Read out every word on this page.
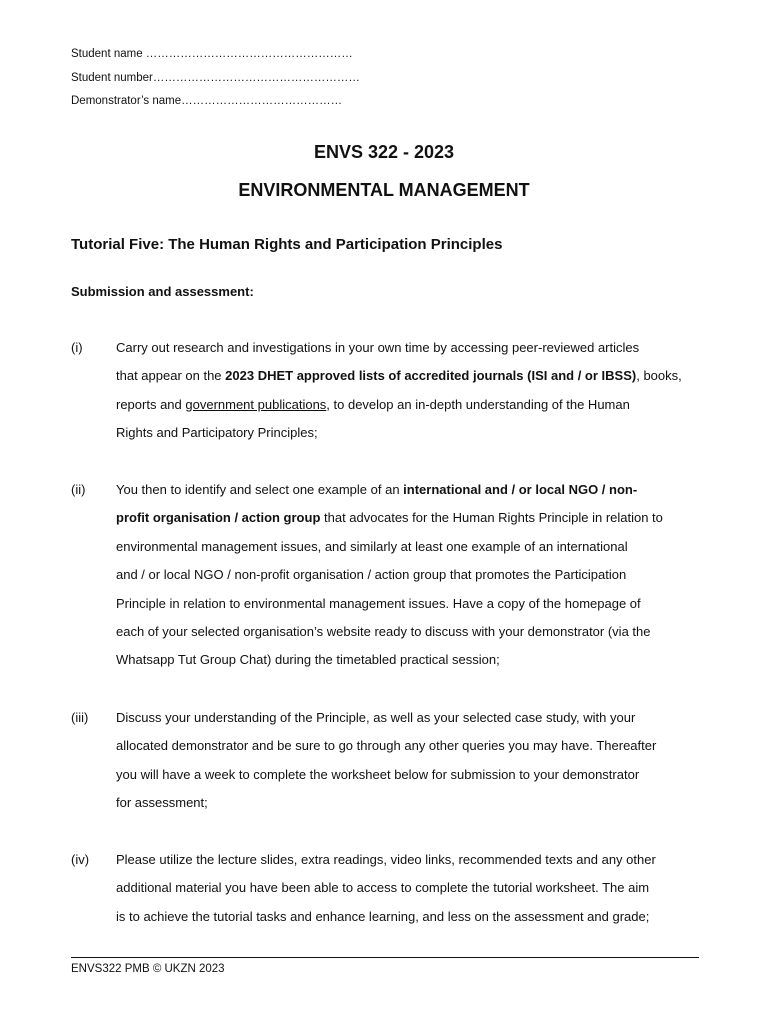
Student name ………………………………………………
Student number………………………………………………
Demonstrator’s name……………………………………
ENVS 322 - 2023
ENVIRONMENTAL MANAGEMENT
Tutorial Five: The Human Rights and Participation Principles
Submission and assessment:
(i)	Carry out research and investigations in your own time by accessing peer-reviewed articles
that appear on the 2023 DHET approved lists of accredited journals (ISI and / or IBSS), books,
reports and government publications, to develop an in-depth understanding of the Human
Rights and Participatory Principles;
(ii) You then to identify and select one example of an international and / or local NGO / non-
profit organisation / action group that advocates for the Human Rights Principle in relation to
environmental management issues, and similarly at least one example of an international
and / or local NGO / non-profit organisation / action group that promotes the Participation
Principle in relation to environmental management issues. Have a copy of the homepage of
each of your selected organisation’s website ready to discuss with your demonstrator (via the
Whatsapp Tut Group Chat) during the timetabled practical session;
(iii) Discuss your understanding of the Principle, as well as your selected case study, with your
allocated demonstrator and be sure to go through any other queries you may have. Thereafter
you will have a week to complete the worksheet below for submission to your demonstrator
for assessment;
(iv) Please utilize the lecture slides, extra readings, video links, recommended texts and any other
additional material you have been able to access to complete the tutorial worksheet. The aim
is to achieve the tutorial tasks and enhance learning, and less on the assessment and grade;
ENVS322 PMB © UKZN 2023
